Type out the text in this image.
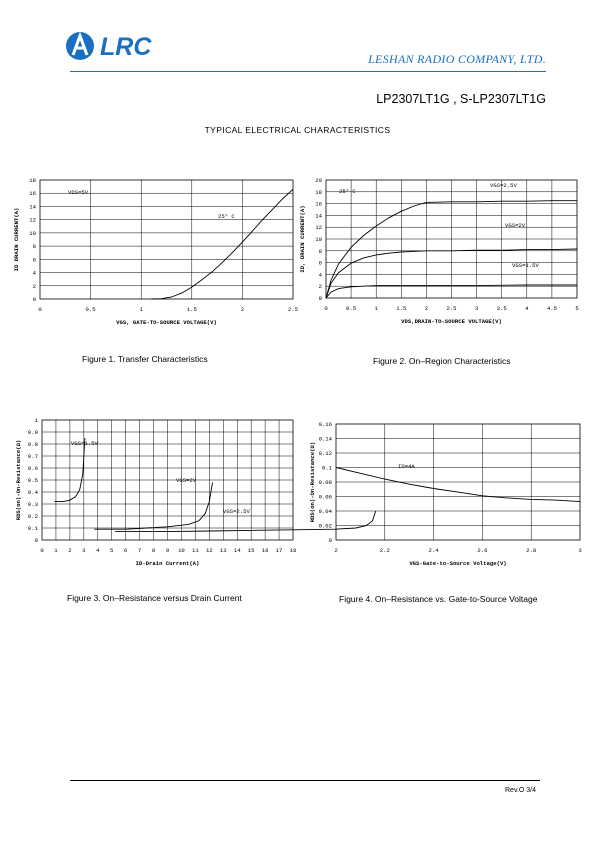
LRC	LESHAN RADIO COMPANY, LTD.
LP2307LT1G , S-LP2307LT1G
TYPICAL ELECTRICAL CHARACTERISTICS
0	0.5	1	1.5	2	2.5
0
2
4
6
8
10
12
14
16
18
VGS, GATE-TO-SOURCE VOLTAGE(V)
ID DRAIN CURRENT(A)
VDS=5V
25° C
0	0.5	1	1.5	2	2.5	3	3.5	4	4.5	5
0
2
4
6
8
10
12
14
16
18
20
VDS,DRAIN-TO-SOURCE VOLTAGE(V)
ID, DRAIN CURRENT(A)
VGS=2.5V
VGS=2V
VGS=1.5V
25° C
0 1 2 3 4 5 6 7 8 9 10 11 12 13 14 15 16 17 18
0
0.1
0.2
0.3
0.4
0.5
0.6
0.7
0.8
0.9
1
ID-Drain Current(A)
RDS(on)-On-Resistance(Ω)	VGS=1.5V
VGS=2V
VGS=2.5V
2	2.2	2.4	2.6	2.8	3
0
0.02
0.04
0.06
0.08
0.1
0.12
0.14
0.16
VGS-Gate-to-Source Voltage(V)
RDS(on)-On-Resistance(Ω)	ID=4A
Figure 1. Transfer Characteristics	Figure 2. On–Region Characteristics
Figure 3. On–Resistance versus Drain Current	Figure 4. On–Resistance vs. Gate-to-Source Voltage
Rev.O 3/4
